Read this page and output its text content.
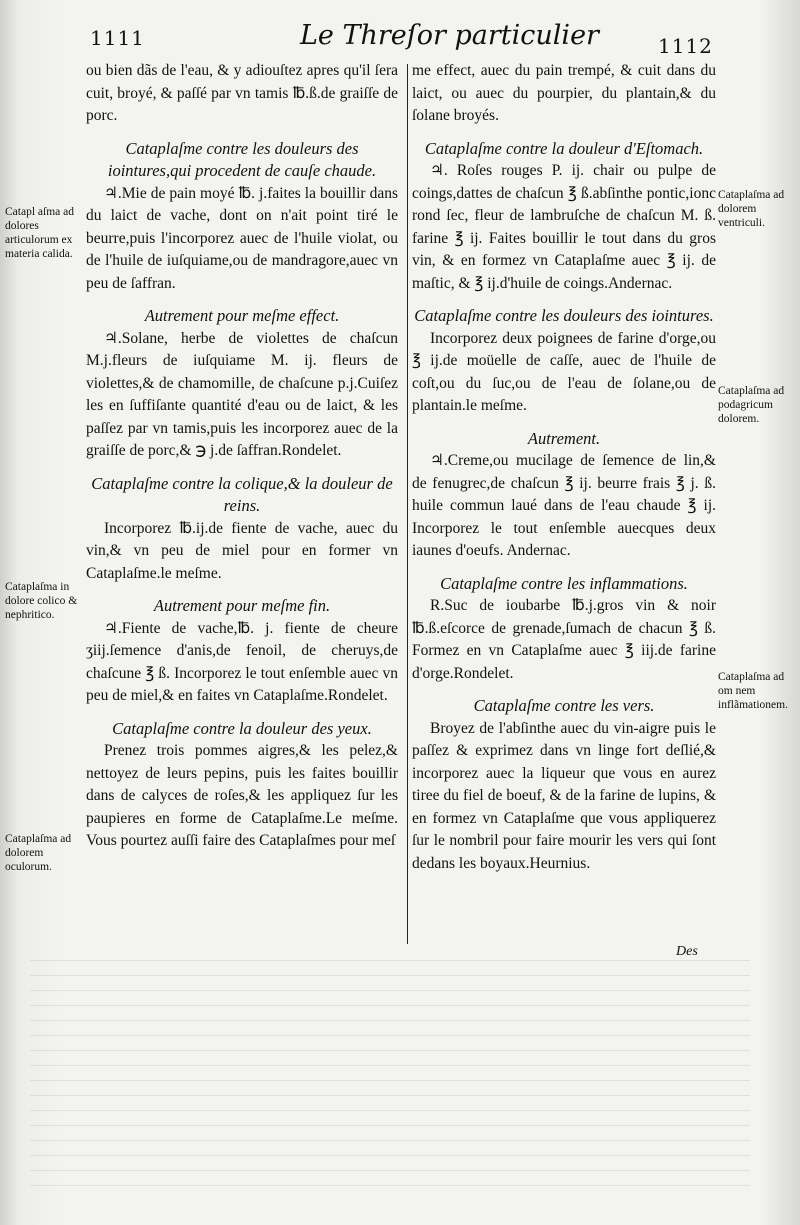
1111	Le Threſor particulier	1112

ou bien dãs de l'eau, & y adiouſtez apres qu'il ſera cuit, broyé, & paſſé par vn tamis ℔.ß.de graiſſe de porc.

Cataplaſme contre les douleurs des iointures,qui procedent de cauſe chaude.

♃.Mie de pain moyé ℔. j.faites la bouillir dans du laict de vache, dont on n'ait point tiré le beurre,puis l'incorporez auec de l'huile violat, ou de l'huile de iuſquiame,ou de mandragore,auec vn peu de ſaffran.

Autrement pour meſme effect.

♃.Solane, herbe de violettes de chaſcun M.j.fleurs de iuſquiame M. ij. fleurs de violettes,& de chamomille, de chaſcune p.j.Cuiſez les en ſuffiſante quantité d'eau ou de laict, & les paſſez par vn tamis,puis les incorporez auec de la graiſſe de porc,& ℈ j.de ſaffran.Rondelet.

Cataplaſme contre la colique,& la douleur de reins.

Incorporez ℔.ij.de fiente de vache, auec du vin,& vn peu de miel pour en former vn Cataplaſme.le meſme.

Autrement pour meſme fin.

♃.Fiente de vache,℔. j. fiente de cheure ʒiij.ſemence d'anis,de fenoil, de cheruys,de chaſcune ℥ ß. Incorporez le tout enſemble auec vn peu de miel,& en faites vn Cataplaſme.Rondelet.

Cataplaſme contre la douleur des yeux.

Prenez trois pommes aigres,& les pelez,& nettoyez de leurs pepins, puis les faites bouillir dans de calyces de roſes,& les appliquez ſur les paupieres en forme de Cataplaſme.Le meſme. Vous pourtez auſſi faire des Cataplaſmes pour meſ

me effect, auec du pain trempé, & cuit dans du laict, ou auec du pourpier, du plantain,& du ſolane broyés.

Cataplaſme contre la douleur d'Eſtomach.

♃. Roſes rouges P. ij. chair ou pulpe de coings,dattes de chaſcun ℥ ß.abſinthe pontic,ionc rond ſec, fleur de lambruſche de chaſcun M. ß. farine ℥ ij. Faites bouillir le tout dans du gros vin, & en formez vn Cataplaſme auec ℥ ij. de maſtic, & ℥ ij.d'huile de coings.Andernac.

Cataplaſme contre les douleurs des iointures.

Incorporez deux poignees de farine d'orge,ou ℥ ij.de moüelle de caſſe, auec de l'huile de coſt,ou du ſuc,ou de l'eau de ſolane,ou de plantain.le meſme.

Autrement.

♃.Creme,ou mucilage de ſemence de lin,& de fenugrec,de chaſcun ℥ ij. beurre frais ℥ j. ß. huile commun laué dans de l'eau chaude ℥ ij. Incorporez le tout enſemble auecques deux iaunes d'oeufs. Andernac.

Cataplaſme contre les inflammations.

R.Suc de ioubarbe ℔.j.gros vin & noir ℔.ß.eſcorce de grenade,ſumach de chacun ℥ ß. Formez en vn Cataplaſme auec ℥ iij.de farine d'orge.Rondelet.

Cataplaſme contre les vers.

Broyez de l'abſinthe auec du vin-aigre puis le paſſez & exprimez dans vn linge fort deſlié,& incorporez auec la liqueur que vous en aurez tiree du fiel de boeuf, & de la farine de lupins, & en formez vn Cataplaſme que vous appliquerez ſur le nombril pour faire mourir les vers qui ſont dedans les boyaux.Heurnius.

Catapl aſma ad dolores articulorum ex materia calida.
Cataplaſma in dolore colico & nephritico.
Cataplaſma ad dolorem oculorum.
Cataplaſma ad dolorem ventriculi.
Cataplaſma ad podagricum dolorem.
Cataplaſma ad om nem inflãmationem.
Des
